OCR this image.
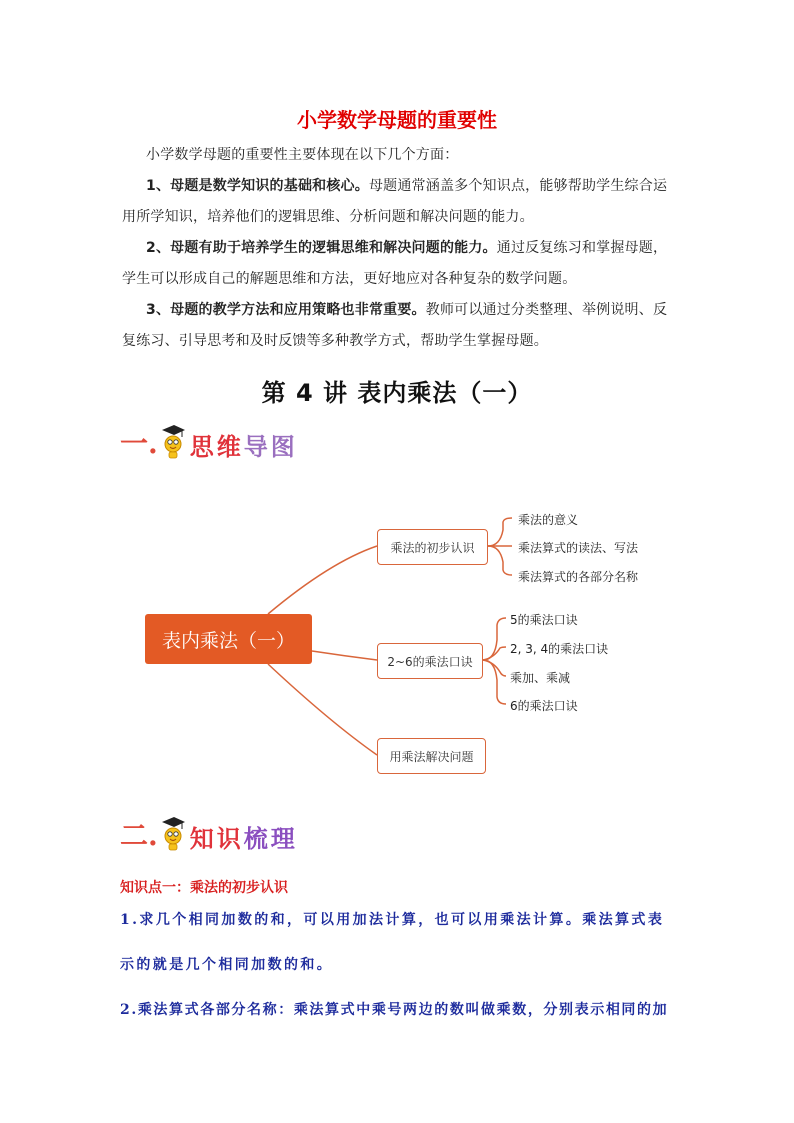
小学数学母题的重要性
小学数学母题的重要性主要体现在以下几个方面：
1、母题是数学知识的基础和核心。母题通常涵盖多个知识点，能够帮助学生综合运用所学知识，培养他们的逻辑思维、分析问题和解决问题的能力。
2、母题有助于培养学生的逻辑思维和解决问题的能力。通过反复练习和掌握母题，学生可以形成自己的解题思维和方法，更好地应对各种复杂的数学问题。
3、母题的教学方法和应用策略也非常重要。教师可以通过分类整理、举例说明、反复练习、引导思考和及时反馈等多种教学方式，帮助学生掌握母题。
第 4 讲 表内乘法（一）
一. 思维 导图
表内乘法（一）
乘法的初步认识
乘法的意义
乘法算式的读法、写法
乘法算式的各部分名称
2~6的乘法口诀
5的乘法口诀
2, 3, 4的乘法口诀
乘加、乘减
6的乘法口诀
用乘法解决问题
二. 知识 梳理
知识点一：乘法的初步认识
1.求几个相同加数的和，可以用加法计算，也可以用乘法计算。乘法算式表示的就是几个相同加数的和。
2.乘法算式各部分名称：乘法算式中乘号两边的数叫做乘数，分别表示相同的加
